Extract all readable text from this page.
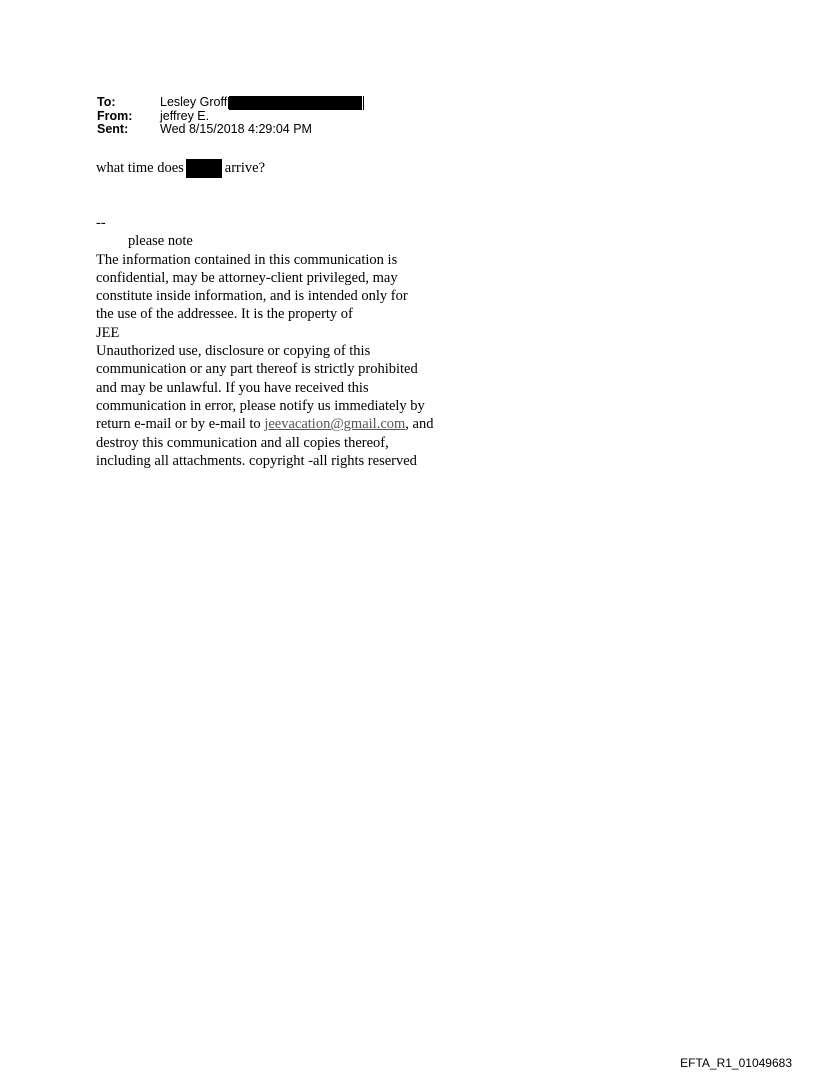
To:	Lesley Groff
From:	jeffrey E.
Sent:	Wed 8/15/2018 4:29:04 PM
what time does	arrive?
--
please note
The information contained in this communication is
confidential, may be attorney-client privileged, may
constitute inside information, and is intended only for
the use of the addressee. It is the property of
JEE
Unauthorized use, disclosure or copying of this
communication or any part thereof is strictly prohibited
and may be unlawful. If you have received this
communication in error, please notify us immediately by
return e-mail or by e-mail to jeevacation@gmail.com, and
destroy this communication and all copies thereof,
including all attachments. copyright -all rights reserved
EFTA_R1_01049683
